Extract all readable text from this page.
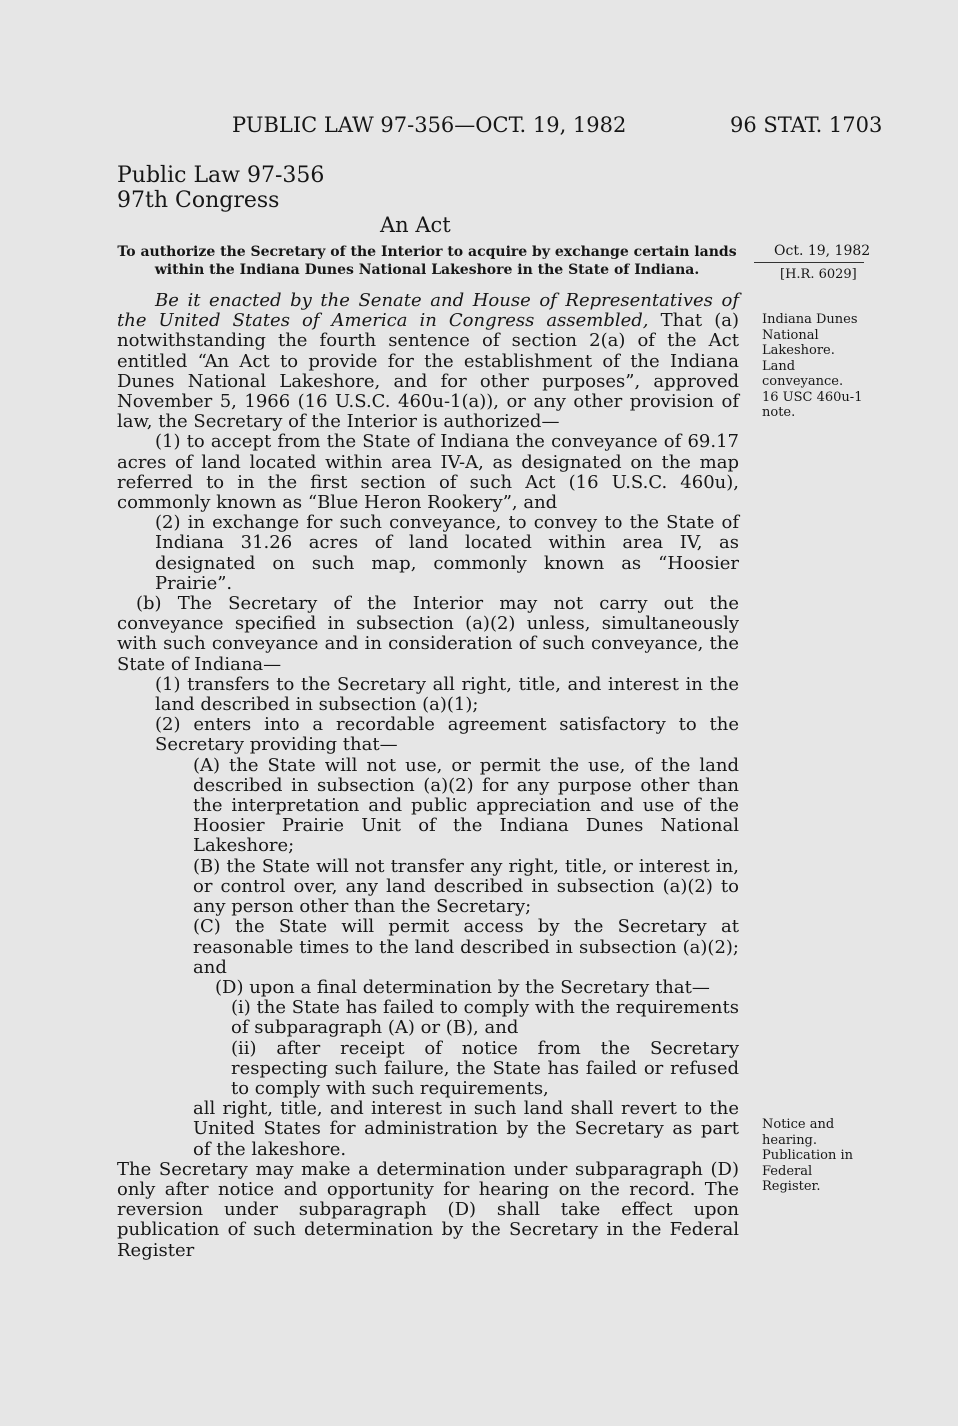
PUBLIC LAW 97-356—OCT. 19, 1982	96 STAT. 1703
Public Law 97-356
97th Congress
An Act
To authorize the Secretary of the Interior to acquire by exchange certain lands within the Indiana Dunes National Lakeshore in the State of Indiana.
Oct. 19, 1982
[H.R. 6029]
Indiana Dunes
National
Lakeshore.
Land
conveyance.
16 USC 460u-1
note.

Be it enacted by the Senate and House of Representatives of the United States of America in Congress assembled, That (a) notwithstanding the fourth sentence of section 2(a) of the Act entitled “An Act to provide for the establishment of the Indiana Dunes National Lakeshore, and for other purposes”, approved November 5, 1966 (16 U.S.C. 460u-1(a)), or any other provision of law, the Secretary of the Interior is authorized—

(1) to accept from the State of Indiana the conveyance of 69.17 acres of land located within area IV-A, as designated on the map referred to in the first section of such Act (16 U.S.C. 460u), commonly known as “Blue Heron Rookery”, and

(2) in exchange for such conveyance, to convey to the State of Indiana 31.26 acres of land located within area IV, as designated on such map, commonly known as “Hoosier Prairie”.

(b) The Secretary of the Interior may not carry out the conveyance specified in subsection (a)(2) unless, simultaneously with such conveyance and in consideration of such conveyance, the State of Indiana—

(1) transfers to the Secretary all right, title, and interest in the land described in subsection (a)(1);

(2) enters into a recordable agreement satisfactory to the Secretary providing that—

(A) the State will not use, or permit the use, of the land described in subsection (a)(2) for any purpose other than the interpretation and public appreciation and use of the Hoosier Prairie Unit of the Indiana Dunes National Lakeshore;

(B) the State will not transfer any right, title, or interest in, or control over, any land described in subsection (a)(2) to any person other than the Secretary;

(C) the State will permit access by the Secretary at reasonable times to the land described in subsection (a)(2); and

(D) upon a final determination by the Secretary that—

(i) the State has failed to comply with the requirements of subparagraph (A) or (B), and

(ii) after receipt of notice from the Secretary respecting such failure, the State has failed or refused to comply with such requirements,

all right, title, and interest in such land shall revert to the United States for administration by the Secretary as part of the lakeshore.

The Secretary may make a determination under subparagraph (D) only after notice and opportunity for hearing on the record. The reversion under subparagraph (D) shall take effect upon publication of such determination by the Secretary in the Federal Register

Notice and
hearing.
Publication in
Federal
Register.
